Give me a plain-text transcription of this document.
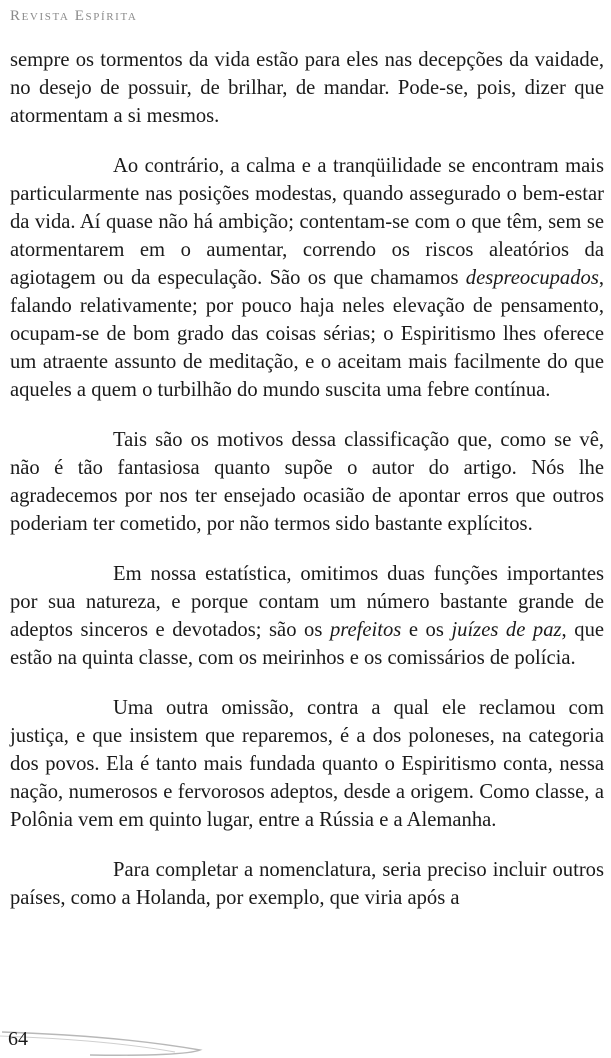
Revista Espírita

sempre os tormentos da vida estão para eles nas decepções da vaidade, no desejo de possuir, de brilhar, de mandar. Pode-se, pois, dizer que atormentam a si mesmos.

Ao contrário, a calma e a tranqüilidade se encontram mais particularmente nas posições modestas, quando assegurado o bem-estar da vida. Aí quase não há ambição; contentam-se com o que têm, sem se atormentarem em o aumentar, correndo os riscos aleatórios da agiotagem ou da especulação. São os que chamamos despreocupados, falando relativamente; por pouco haja neles elevação de pensamento, ocupam-se de bom grado das coisas sérias; o Espiritismo lhes oferece um atraente assunto de meditação, e o aceitam mais facilmente do que aqueles a quem o turbilhão do mundo suscita uma febre contínua.

Tais são os motivos dessa classificação que, como se vê, não é tão fantasiosa quanto supõe o autor do artigo. Nós lhe agradecemos por nos ter ensejado ocasião de apontar erros que outros poderiam ter cometido, por não termos sido bastante explícitos.

Em nossa estatística, omitimos duas funções importantes por sua natureza, e porque contam um número bastante grande de adeptos sinceros e devotados; são os prefeitos e os juízes de paz, que estão na quinta classe, com os meirinhos e os comissários de polícia.

Uma outra omissão, contra a qual ele reclamou com justiça, e que insistem que reparemos, é a dos poloneses, na categoria dos povos. Ela é tanto mais fundada quanto o Espiritismo conta, nessa nação, numerosos e fervorosos adeptos, desde a origem. Como classe, a Polônia vem em quinto lugar, entre a Rússia e a Alemanha.

Para completar a nomenclatura, seria preciso incluir outros países, como a Holanda, por exemplo, que viria após a

64
